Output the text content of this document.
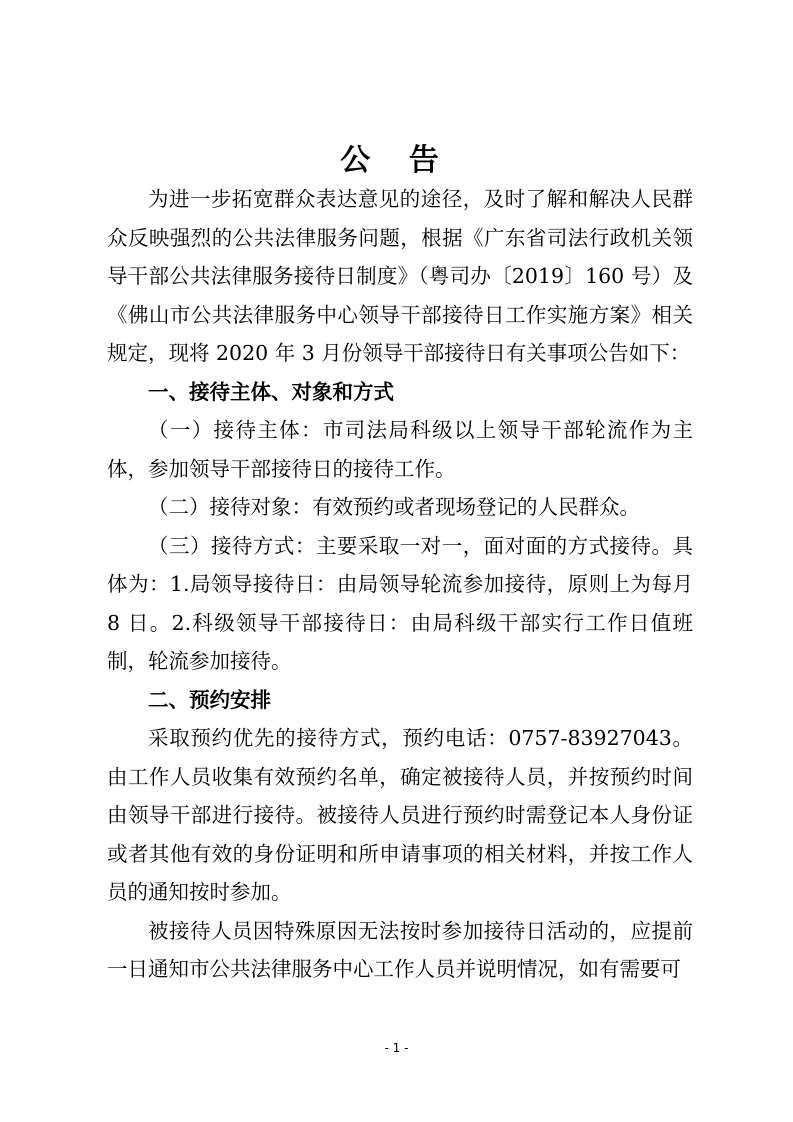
公 告

为进一步拓宽群众表达意见的途径，及时了解和解决人民群众反映强烈的公共法律服务问题，根据《广东省司法行政机关领导干部公共法律服务接待日制度》（粤司办〔2019〕160 号）及《佛山市公共法律服务中心领导干部接待日工作实施方案》相关规定，现将 2020 年 3 月份领导干部接待日有关事项公告如下：

一、接待主体、对象和方式

（一）接待主体：市司法局科级以上领导干部轮流作为主体，参加领导干部接待日的接待工作。

（二）接待对象：有效预约或者现场登记的人民群众。

（三）接待方式：主要采取一对一，面对面的方式接待。具体为：1.局领导接待日：由局领导轮流参加接待，原则上为每月 8 日。2.科级领导干部接待日：由局科级干部实行工作日值班制，轮流参加接待。

二、预约安排

采取预约优先的接待方式，预约电话：0757-83927043。由工作人员收集有效预约名单，确定被接待人员，并按预约时间由领导干部进行接待。被接待人员进行预约时需登记本人身份证或者其他有效的身份证明和所申请事项的相关材料，并按工作人员的通知按时参加。

被接待人员因特殊原因无法按时参加接待日活动的，应提前一日通知市公共法律服务中心工作人员并说明情况，如有需要可

- 1 -
